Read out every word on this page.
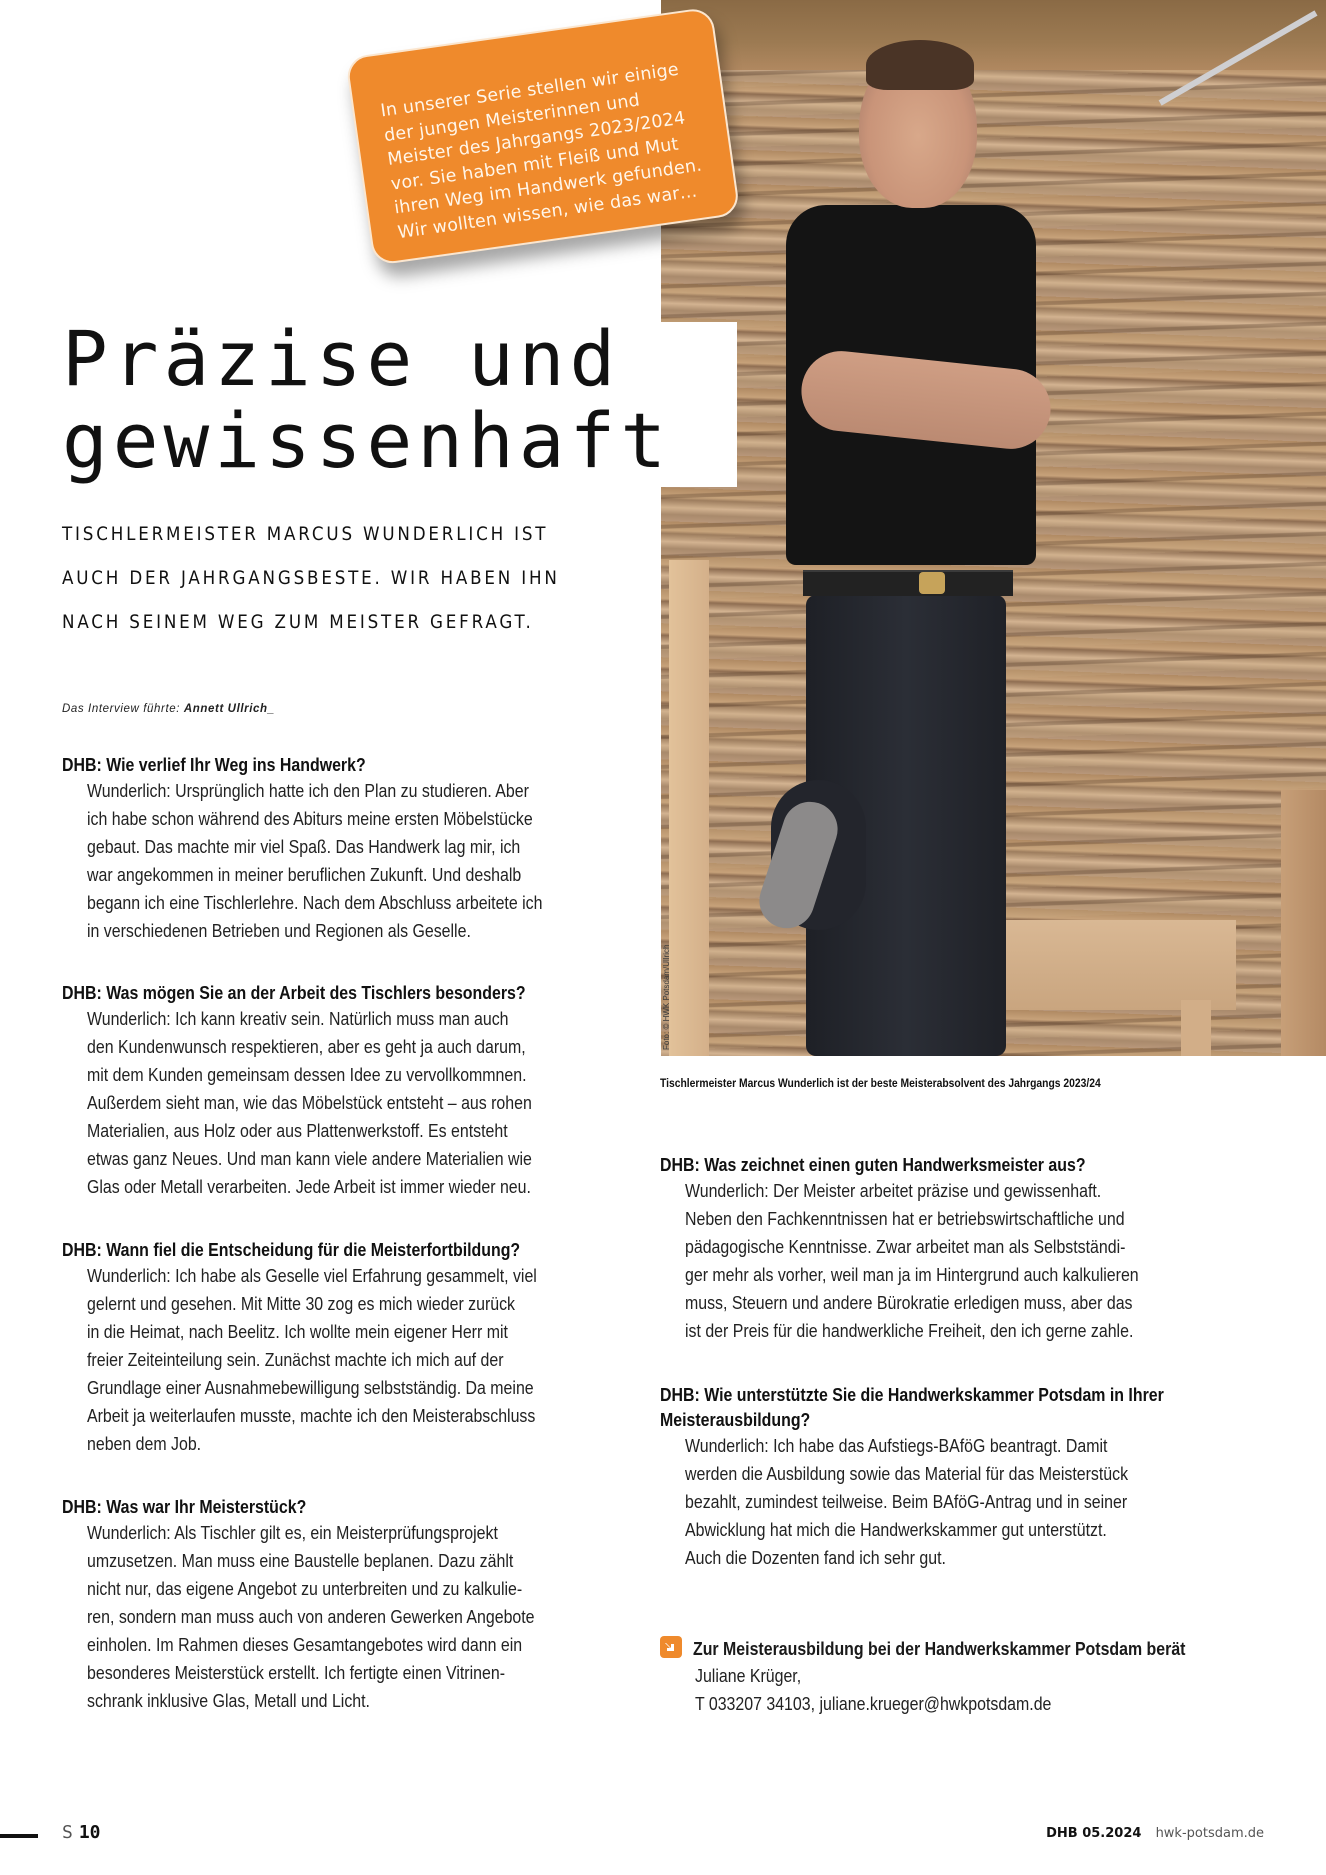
Foto: © HWK Potsdam/Ullrich

In unserer Serie stellen wir einige der jungen Meisterinnen und Meister des Jahrgangs 2023/2024 vor. Sie haben mit Fleiß und Mut ihren Weg im Handwerk gefunden. Wir wollten wissen, wie das war…

Präzise und
gewissenhaft
TISCHLERMEISTER MARCUS WUNDERLICH IST
AUCH DER JAHRGANGSBESTE. WIR HABEN IHN
NACH SEINEM WEG ZUM MEISTER GEFRAGT.
Das Interview führte: Annett Ullrich_
DHB: Wie verlief Ihr Weg ins Handwerk?
Wunderlich: Ursprünglich hatte ich den Plan zu studieren. Aber
ich habe schon während des Abiturs meine ersten Möbelstücke
gebaut. Das machte mir viel Spaß. Das Handwerk lag mir, ich
war angekommen in meiner beruflichen Zukunft. Und deshalb
begann ich eine Tischlerlehre. Nach dem Abschluss arbeitete ich
in verschiedenen Betrieben und Regionen als Geselle.
DHB: Was mögen Sie an der Arbeit des Tischlers besonders?
Wunderlich: Ich kann kreativ sein. Natürlich muss man auch
den Kundenwunsch respektieren, aber es geht ja auch darum,
mit dem Kunden gemeinsam dessen Idee zu vervollkommnen.
Außerdem sieht man, wie das Möbelstück entsteht – aus rohen
Materialien, aus Holz oder aus Plattenwerkstoff. Es entsteht
etwas ganz Neues. Und man kann viele andere Materialien wie
Glas oder Metall verarbeiten. Jede Arbeit ist immer wieder neu.
DHB: Wann fiel die Entscheidung für die Meisterfortbildung?
Wunderlich: Ich habe als Geselle viel Erfahrung gesammelt, viel
gelernt und gesehen. Mit Mitte 30 zog es mich wieder zurück
in die Heimat, nach Beelitz. Ich wollte mein eigener Herr mit
freier Zeiteinteilung sein. Zunächst machte ich mich auf der
Grundlage einer Ausnahmebewilligung selbstständig. Da meine
Arbeit ja weiterlaufen musste, machte ich den Meisterabschluss
neben dem Job.
DHB: Was war Ihr Meisterstück?
Wunderlich: Als Tischler gilt es, ein Meisterprüfungsprojekt
umzusetzen. Man muss eine Baustelle beplanen. Dazu zählt
nicht nur, das eigene Angebot zu unterbreiten und zu kalkulie-
ren, sondern man muss auch von anderen Gewerken Angebote
einholen. Im Rahmen dieses Gesamtangebotes wird dann ein
besonderes Meisterstück erstellt. Ich fertigte einen Vitrinen-
schrank inklusive Glas, Metall und Licht.
Tischlermeister Marcus Wunderlich ist der beste Meisterabsolvent des Jahrgangs 2023/24
DHB: Was zeichnet einen guten Handwerksmeister aus?
Wunderlich: Der Meister arbeitet präzise und gewissenhaft.
Neben den Fachkenntnissen hat er betriebswirtschaftliche und
pädagogische Kenntnisse. Zwar arbeitet man als Selbstständi-
ger mehr als vorher, weil man ja im Hintergrund auch kalkulieren
muss, Steuern und andere Bürokratie erledigen muss, aber das
ist der Preis für die handwerkliche Freiheit, den ich gerne zahle.
DHB: Wie unterstützte Sie die Handwerkskammer Potsdam in Ihrer
Meisterausbildung?
Wunderlich: Ich habe das Aufstiegs-BAföG beantragt. Damit
werden die Ausbildung sowie das Material für das Meisterstück
bezahlt, zumindest teilweise. Beim BAföG-Antrag und in seiner
Abwicklung hat mich die Handwerkskammer gut unterstützt.
Auch die Dozenten fand ich sehr gut.
Zur Meisterausbildung bei der Handwerkskammer Potsdam berät
Juliane Krüger,
T 033207 34103, juliane.krueger@hwkpotsdam.de
S 10	DHB 05.2024 hwk-potsdam.de
